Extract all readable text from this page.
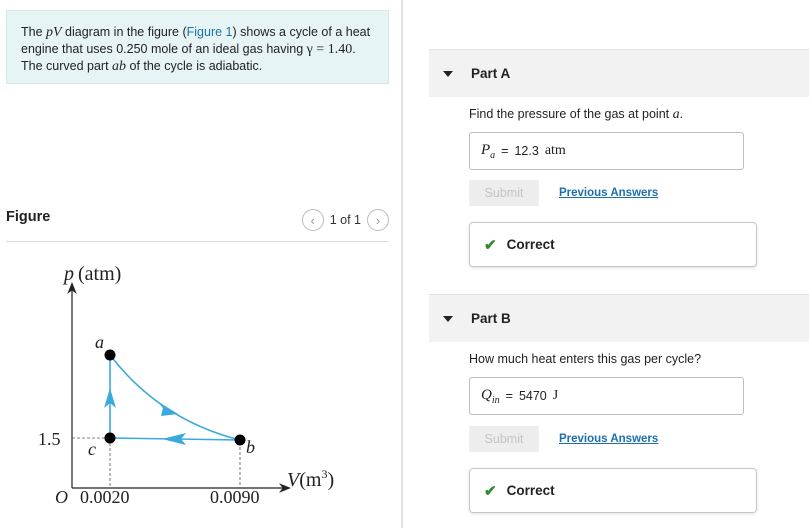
The pV diagram in the figure (Figure 1) shows a cycle of a heat engine that uses 0.250 mole of an ideal gas having γ = 1.40. The curved part ab of the cycle is adiabatic.
Figure	‹ 1 of 1 ›
a
b
c
p (atm)
$V(m^3)$
1.5
O 0.0020	0.0090
Part A
Find the pressure of the gas at point a.
$P_a = 12.3$ atm
Submit	Previous Answers
✔ Correct
Part B
How much heat enters this gas per cycle?
$Q_{in} = 5470$ J
Submit	Previous Answers
✔ Correct
